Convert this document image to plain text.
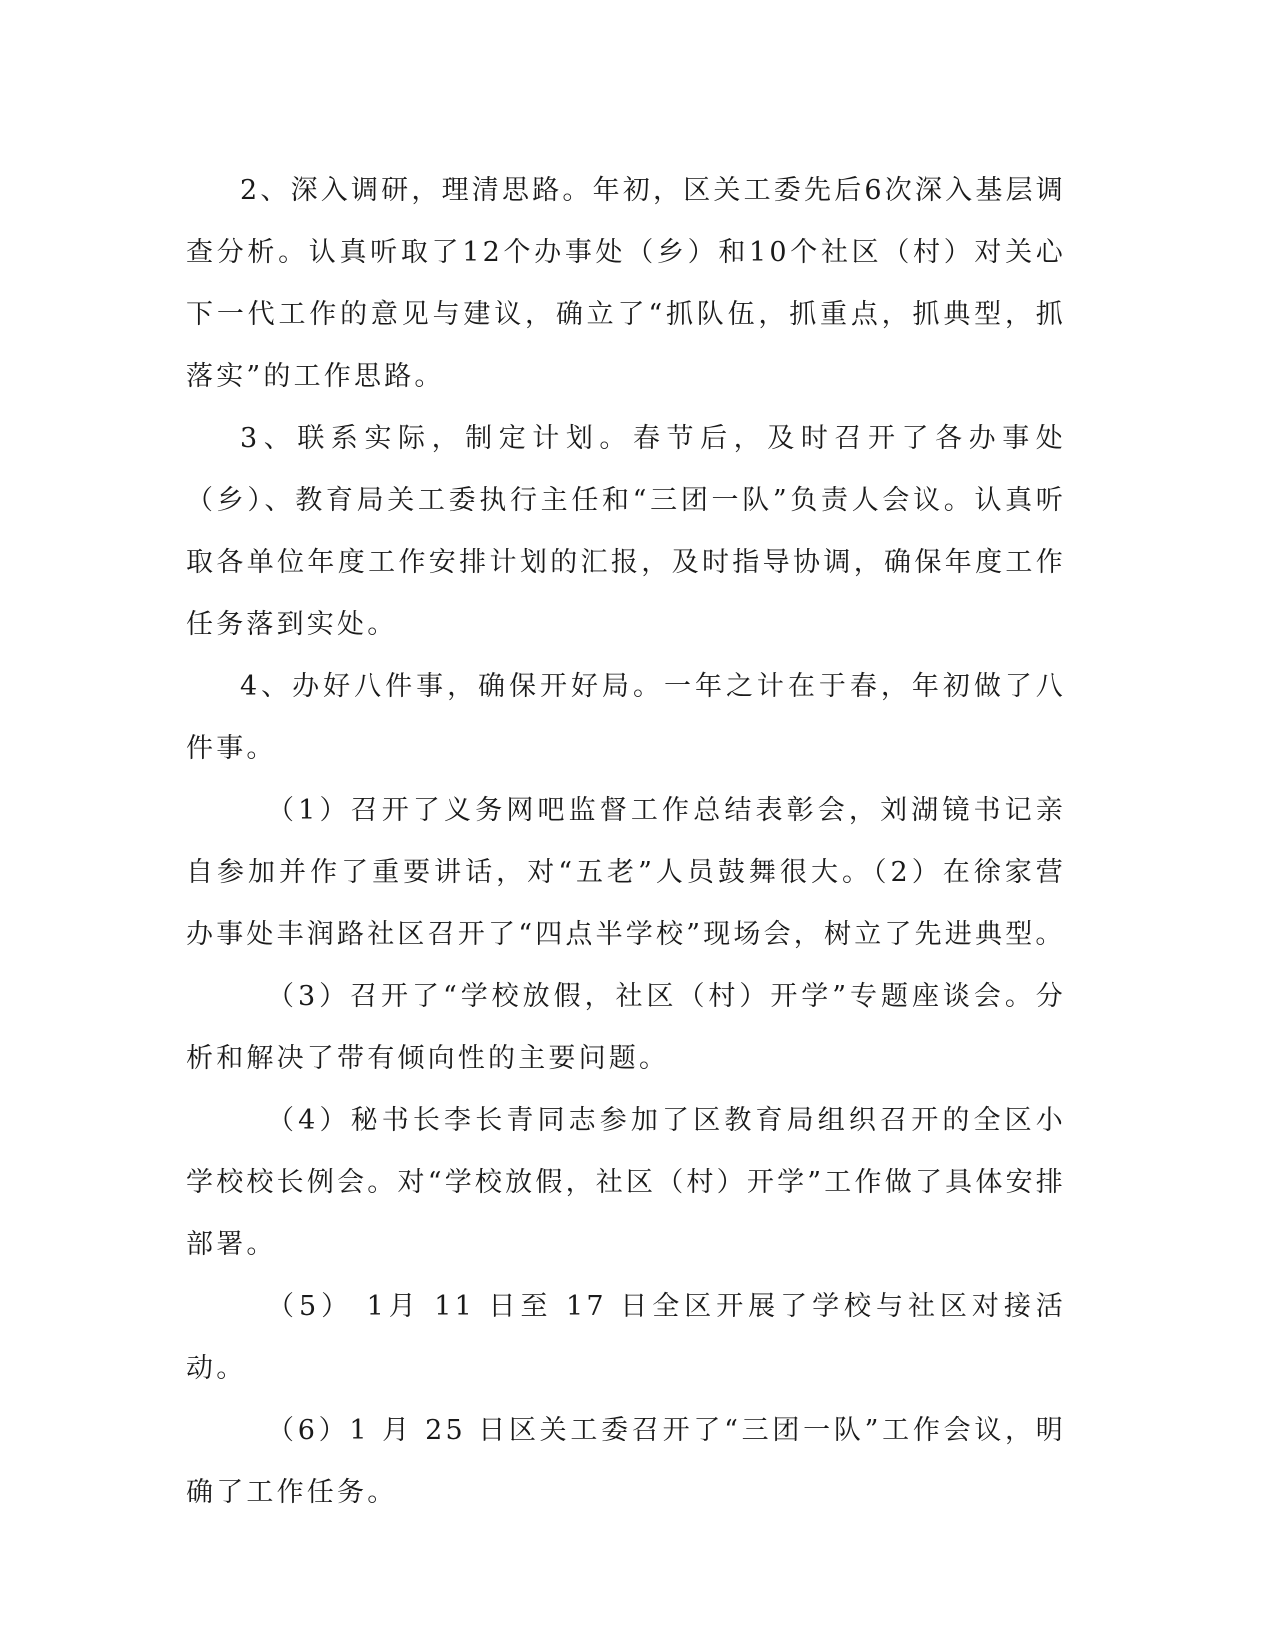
2、深入调研，理清思路。年初，区关工委先后6次深入基层调查分析。认真听取了12个办事处（乡）和10个社区（村）对关心下一代工作的意见与建议，确立了“抓队伍，抓重点，抓典型，抓落实”的工作思路。

3、联系实际，制定计划。春节后，及时召开了各办事处（乡）、教育局关工委执行主任和“三团一队”负责人会议。认真听取各单位年度工作安排计划的汇报，及时指导协调，确保年度工作任务落到实处。

4、办好八件事，确保开好局。一年之计在于春，年初做了八件事。

（1）召开了义务网吧监督工作总结表彰会，刘湖镜书记亲自参加并作了重要讲话，对“五老”人员鼓舞很大。（2）在徐家营办事处丰润路社区召开了“四点半学校”现场会，树立了先进典型。

（3）召开了“学校放假，社区（村）开学”专题座谈会。分析和解决了带有倾向性的主要问题。

（4）秘书长李长青同志参加了区教育局组织召开的全区小学校校长例会。对“学校放假，社区（村）开学”工作做了具体安排部署。

（5） 1月 11 日至 17 日全区开展了学校与社区对接活动。

（6）1 月 25 日区关工委召开了“三团一队”工作会议，明确了工作任务。
